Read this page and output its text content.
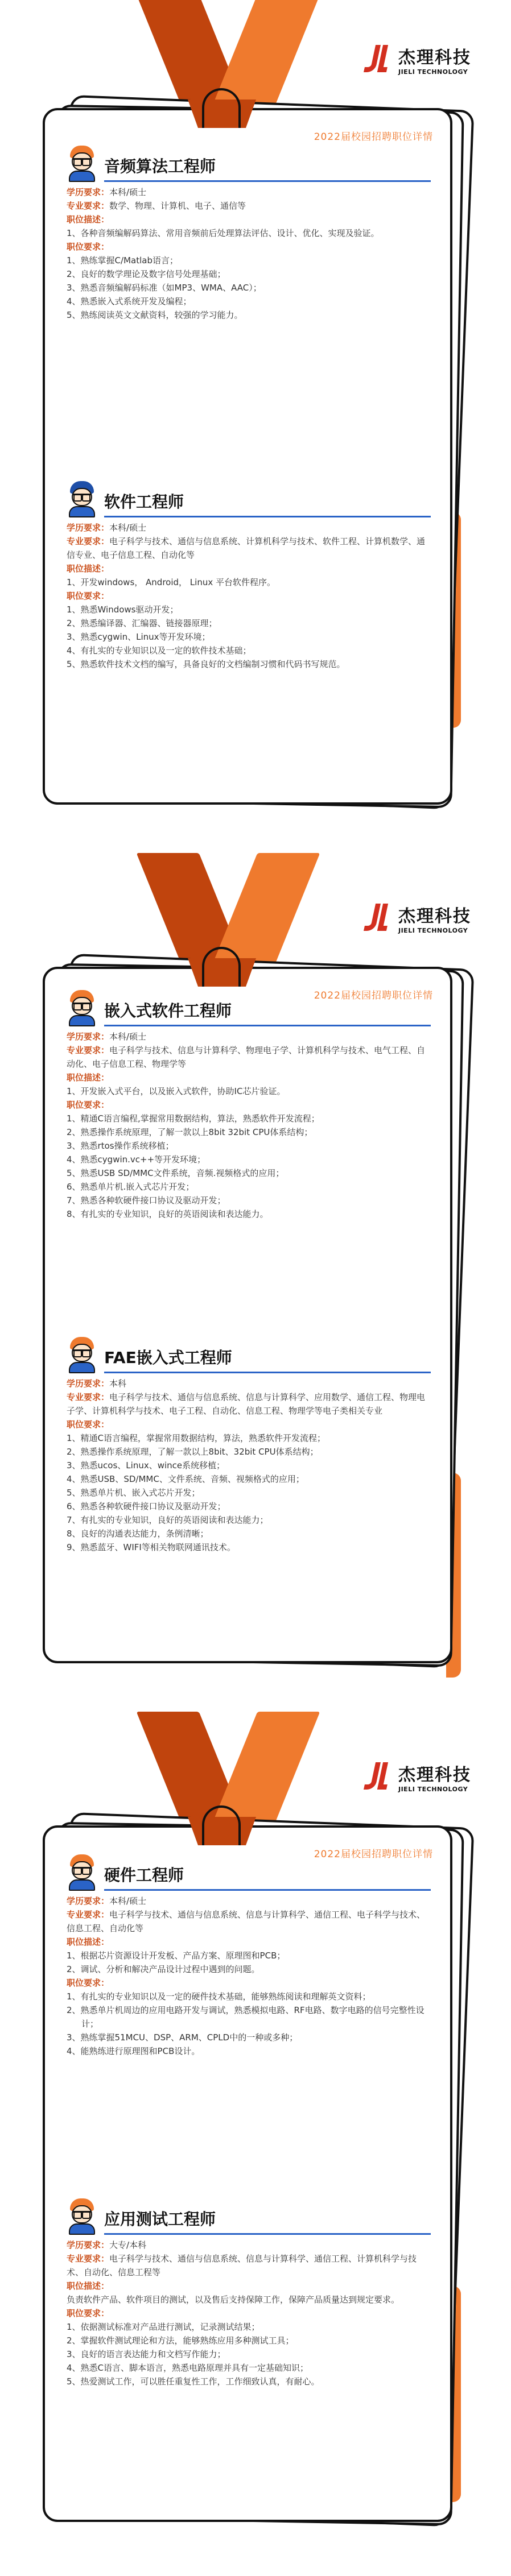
杰理科技
JIELI TECHNOLOGY
2022届校园招聘职位详情
音频算法工程师
学历要求：本科/硕士
专业要求：数学、物理、计算机、电子、通信等
职位描述：
1、各种音频编解码算法、常用音频前后处理算法评估、设计、优化、实现及验证。
职位要求：
1、熟练掌握C/Matlab语言；
2、良好的数学理论及数字信号处理基础；
3、熟悉音频编解码标准（如MP3、WMA、AAC）；
4、熟悉嵌入式系统开发及编程；
5、熟练阅读英文文献资料，较强的学习能力。
软件工程师
学历要求：本科/硕士
专业要求：电子科学与技术、通信与信息系统、计算机科学与技术、软件工程、计算机数学、通信专业、电子信息工程、自动化等
职位描述：
1、开发windows， Android， Linux 平台软件程序。
职位要求：
1、熟悉Windows驱动开发；
2、熟悉编译器、汇编器、链接器原理；
3、熟悉cygwin、Linux等开发环境；
4、有扎实的专业知识以及一定的软件技术基础；
5、熟悉软件技术文档的编写，具备良好的文档编制习惯和代码书写规范。
杰理科技
JIELI TECHNOLOGY
2022届校园招聘职位详情
嵌入式软件工程师
学历要求：本科/硕士
专业要求：电子科学与技术、信息与计算科学、物理电子学、计算机科学与技术、电气工程、自动化、电子信息工程、物理学等
职位描述：
1、开发嵌入式平台，以及嵌入式软件，协助IC芯片验证。
职位要求：
1、精通C语言编程,掌握常用数据结构，算法，熟悉软件开发流程；
2、熟悉操作系统原理，了解一款以上8bit 32bit CPU体系结构；
3、熟悉rtos操作系统移植；
4、熟悉cygwin.vc++等开发环境；
5、熟悉USB SD/MMC文件系统，音频.视频格式的应用；
6、熟悉单片机.嵌入式芯片开发；
7、熟悉各种软硬件接口协议及驱动开发；
8、有扎实的专业知识，良好的英语阅读和表达能力。
FAE嵌入式工程师
学历要求：本科
专业要求：电子科学与技术、通信与信息系统、信息与计算科学、应用数学、通信工程、物理电子学、计算机科学与技术、电子工程、自动化、信息工程、物理学等电子类相关专业
职位要求：
1、精通C语言编程，掌握常用数据结构，算法，熟悉软件开发流程；
2、熟悉操作系统原理，了解一款以上8bit、32bit CPU体系结构；
3、熟悉ucos、Linux、wince系统移植；
4、熟悉USB、SD/MMC、文件系统、音频、视频格式的应用；
5、熟悉单片机、嵌入式芯片开发；
6、熟悉各种软硬件接口协议及驱动开发；
7、有扎实的专业知识，良好的英语阅读和表达能力；
8、良好的沟通表达能力，条例清晰；
9、熟悉蓝牙、WIFI等相关物联网通讯技术。
杰理科技
JIELI TECHNOLOGY
2022届校园招聘职位详情
硬件工程师
学历要求：本科/硕士
专业要求：电子科学与技术、通信与信息系统、信息与计算科学、通信工程、电子科学与技术、信息工程、自动化等
职位描述：
1、根据芯片资源设计开发板、产品方案、原理图和PCB；
2、调试、分析和解决产品设计过程中遇到的问题。
职位要求：
1、有扎实的专业知识以及一定的硬件技术基础，能够熟练阅读和理解英文资料；
2、熟悉单片机周边的应用电路开发与调试，熟悉模拟电路、RF电路、数字电路的信号完整性设计；
3、熟练掌握51MCU、DSP、ARM、CPLD中的一种或多种；
4、能熟练进行原理图和PCB设计。
应用测试工程师
学历要求：大专/本科
专业要求：电子科学与技术、通信与信息系统、信息与计算科学、通信工程、计算机科学与技术、自动化、信息工程等
职位描述：
负责软件产品、软件项目的测试，以及售后支持保障工作，保障产品质量达到规定要求。
职位要求：
1、依据测试标准对产品进行测试，记录测试结果；
2、掌握软件测试理论和方法，能够熟练应用多种测试工具；
3、良好的语言表达能力和文档写作能力；
4、熟悉C语言、脚本语言，熟悉电路原理并具有一定基础知识；
5、热爱测试工作，可以胜任重复性工作，工作细致认真，有耐心。
